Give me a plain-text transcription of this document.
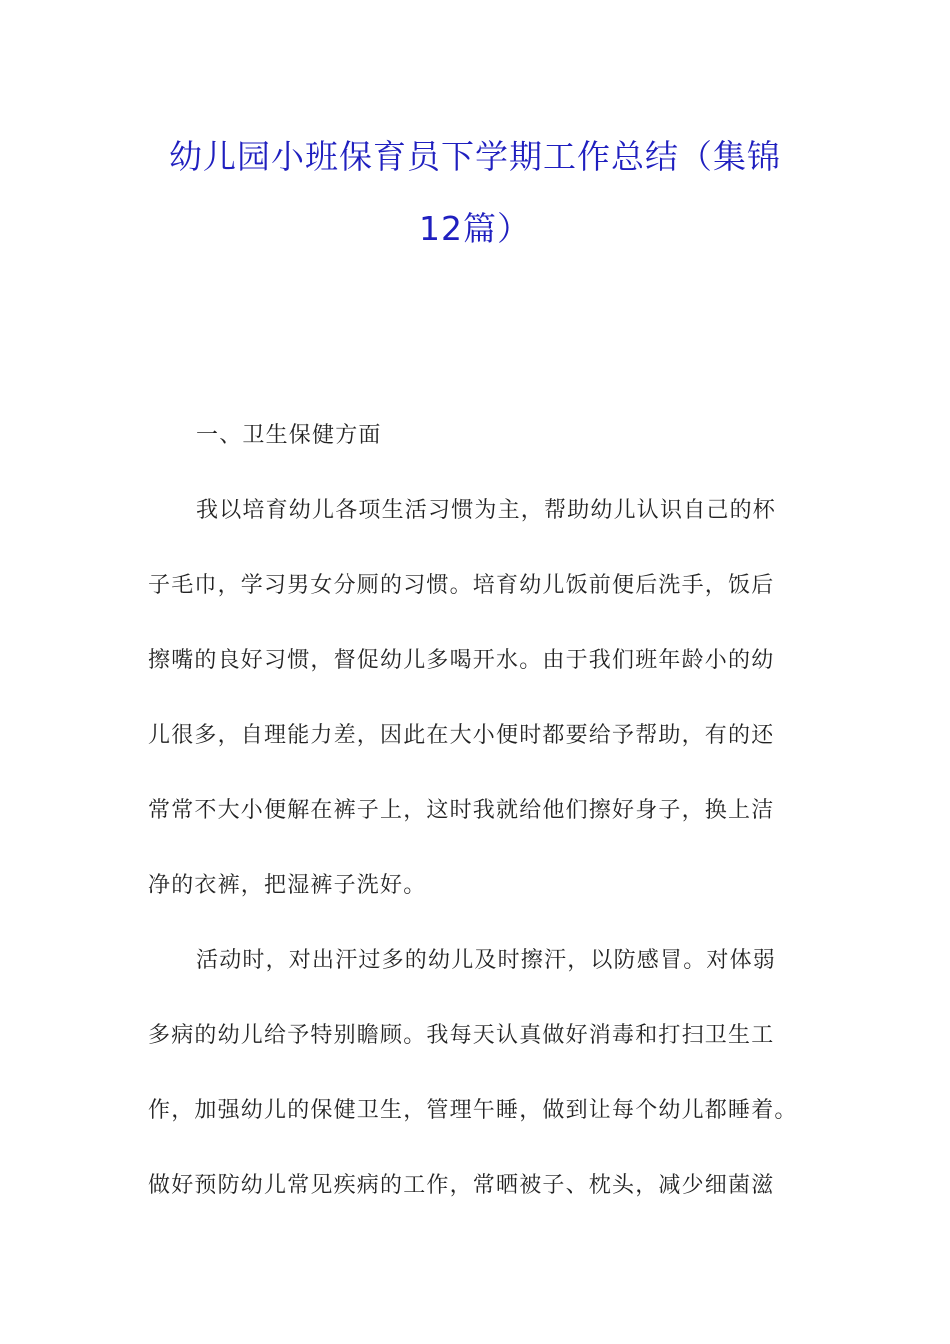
幼儿园小班保育员下学期工作总结（集锦
12篇）
一、卫生保健方面
我以培育幼儿各项生活习惯为主，帮助幼儿认识自己的杯
子毛巾，学习男女分厕的习惯。培育幼儿饭前便后洗手，饭后
擦嘴的良好习惯，督促幼儿多喝开水。由于我们班年龄小的幼
儿很多，自理能力差，因此在大小便时都要给予帮助，有的还
常常不大小便解在裤子上，这时我就给他们擦好身子，换上洁
净的衣裤，把湿裤子洗好。
活动时，对出汗过多的幼儿及时擦汗，以防感冒。对体弱
多病的幼儿给予特别瞻顾。我每天认真做好消毒和打扫卫生工
作，加强幼儿的保健卫生，管理午睡，做到让每个幼儿都睡着。
做好预防幼儿常见疾病的工作，常晒被子、枕头，减少细菌滋
